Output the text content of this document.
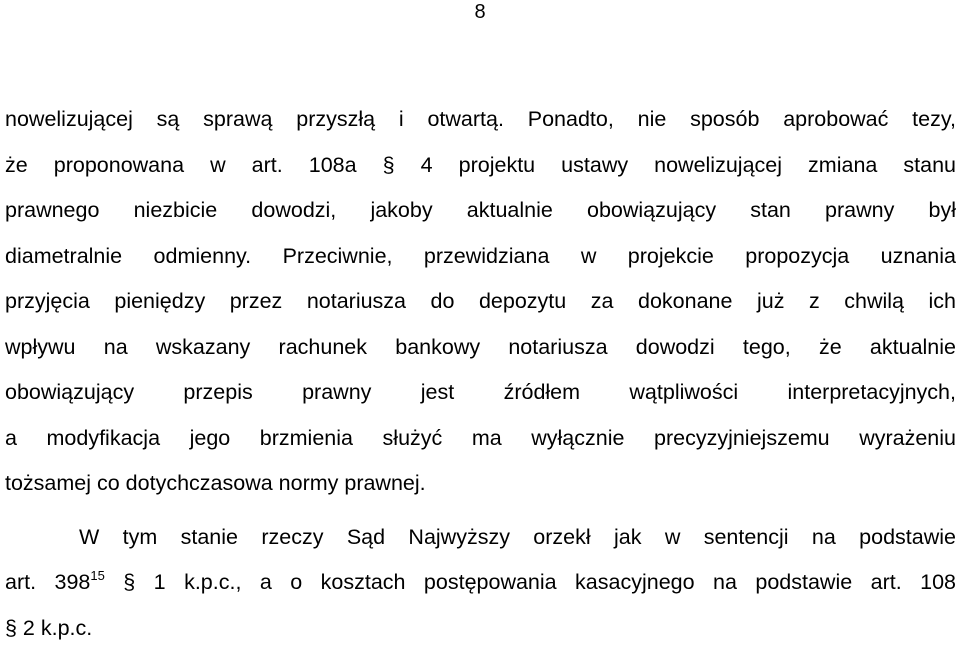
8
nowelizującej są sprawą przyszłą i otwartą. Ponadto, nie sposób aprobować tezy,
że proponowana w art. 108a § 4 projektu ustawy nowelizującej zmiana stanu
prawnego niezbicie dowodzi, jakoby aktualnie obowiązujący stan prawny był
diametralnie odmienny. Przeciwnie, przewidziana w projekcie propozycja uznania
przyjęcia pieniędzy przez notariusza do depozytu za dokonane już z chwilą ich
wpływu na wskazany rachunek bankowy notariusza dowodzi tego, że aktualnie
obowiązujący przepis prawny jest źródłem wątpliwości interpretacyjnych,
a modyfikacja jego brzmienia służyć ma wyłącznie precyzyjniejszemu wyrażeniu
tożsamej co dotychczasowa normy prawnej.
W tym stanie rzeczy Sąd Najwyższy orzekł jak w sentencji na podstawie
art. $398^{15}$ § 1 k.p.c., a o kosztach postępowania kasacyjnego na podstawie art. 108
§ 2 k.p.c.
